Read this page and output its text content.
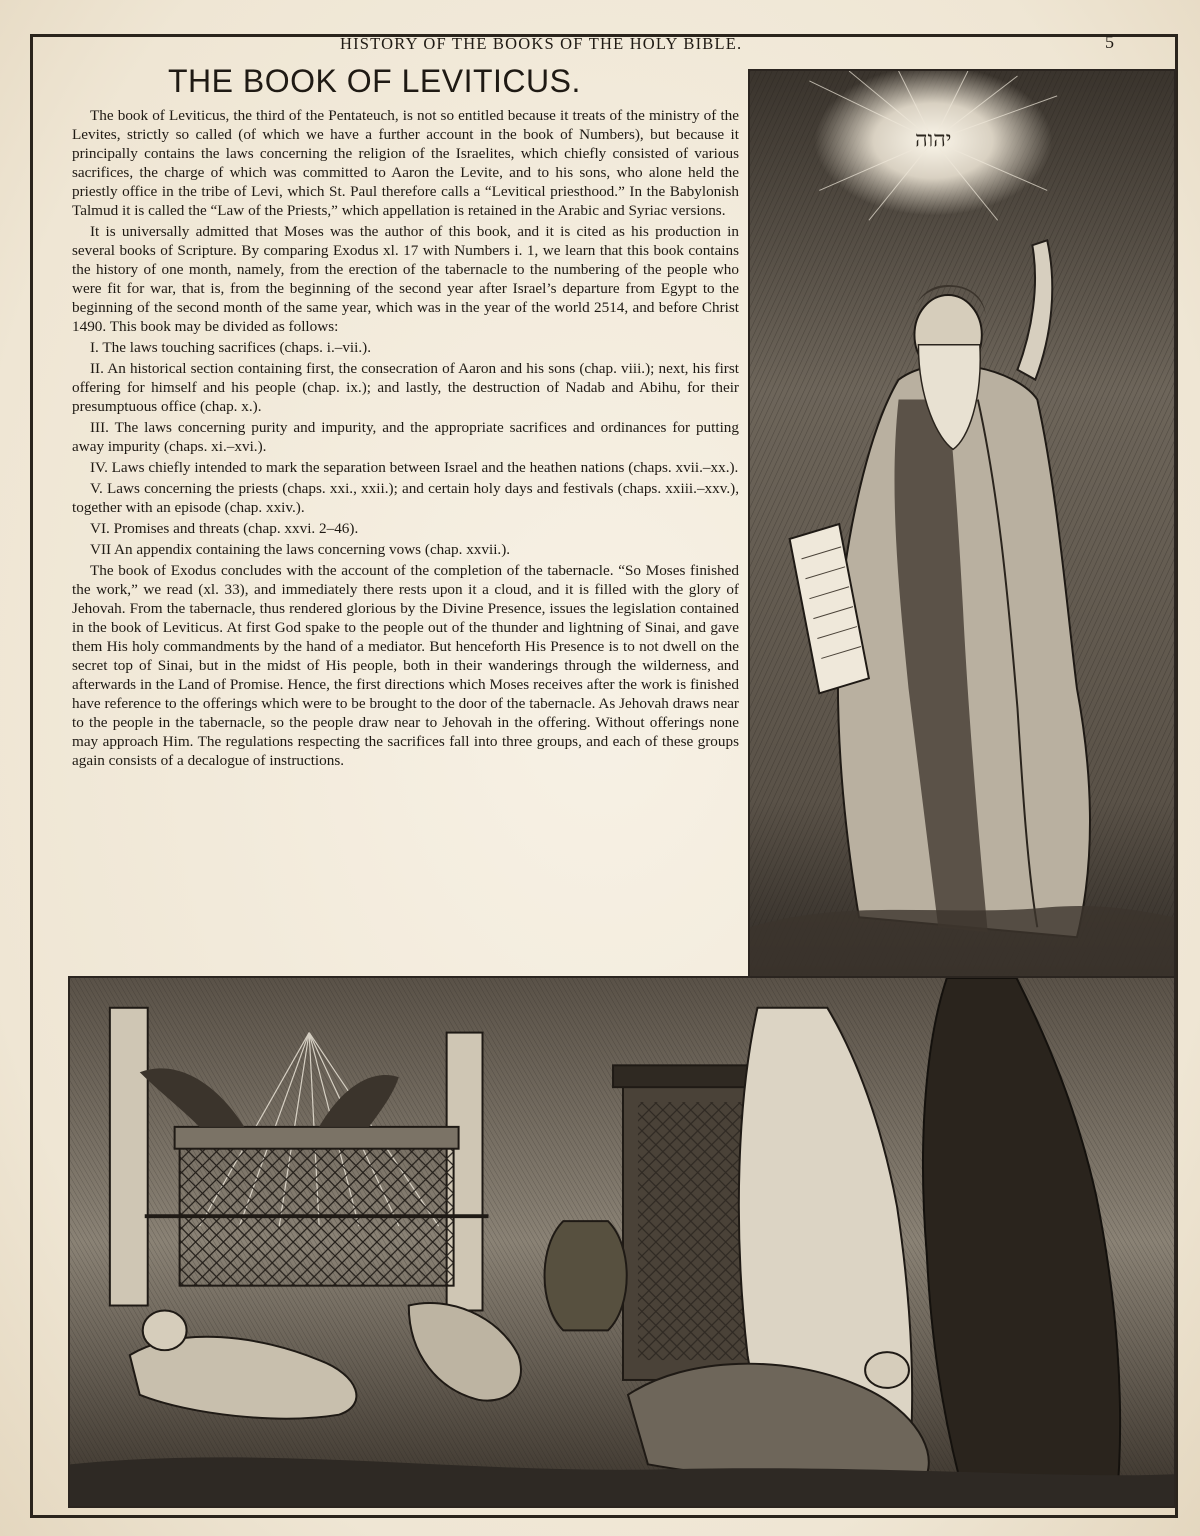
HISTORY OF THE BOOKS OF THE HOLY BIBLE.	5
THE BOOK OF LEVITICUS.

The book of Leviticus, the third of the Pentateuch, is not so entitled because it treats of the ministry of the Levites, strictly so called (of which we have a further account in the book of Numbers), but because it principally contains the laws concerning the religion of the Israelites, which chiefly consisted of various sacrifices, the charge of which was committed to Aaron the Levite, and to his sons, who alone held the priestly office in the tribe of Levi, which St. Paul therefore calls a “Levitical priesthood.” In the Babylonish Talmud it is called the “Law of the Priests,” which appellation is retained in the Arabic and Syriac versions.

It is universally admitted that Moses was the author of this book, and it is cited as his production in several books of Scripture. By comparing Exodus xl. 17 with Numbers i. 1, we learn that this book contains the history of one month, namely, from the erection of the tabernacle to the numbering of the people who were fit for war, that is, from the beginning of the second year after Israel’s departure from Egypt to the beginning of the second month of the same year, which was in the year of the world 2514, and before Christ 1490. This book may be divided as follows:

I. The laws touching sacrifices (chaps. i.–vii.).

II. An historical section containing first, the consecration of Aaron and his sons (chap. viii.); next, his first offering for himself and his people (chap. ix.); and lastly, the destruction of Nadab and Abihu, for their presumptuous office (chap. x.).

III. The laws concerning purity and impurity, and the appropriate sacrifices and ordinances for putting away impurity (chaps. xi.–xvi.).

IV. Laws chiefly intended to mark the separation between Israel and the heathen nations (chaps. xvii.–xx.).

V. Laws concerning the priests (chaps. xxi., xxii.); and certain holy days and festivals (chaps. xxiii.–xxv.), together with an episode (chap. xxiv.).

VI. Promises and threats (chap. xxvi. 2–46).

VII An appendix containing the laws concerning vows (chap. xxvii.).

The book of Exodus concludes with the account of the completion of the tabernacle. “So Moses finished the work,” we read (xl. 33), and immediately there rests upon it a cloud, and it is filled with the glory of Jehovah. From the tabernacle, thus rendered glorious by the Divine Presence, issues the legislation contained in the book of Leviticus. At first God spake to the people out of the thunder and lightning of Sinai, and gave them His holy commandments by the hand of a mediator. But henceforth His Presence is to not dwell on the secret top of Sinai, but in the midst of His people, both in their wanderings through the wilderness, and afterwards in the Land of Promise. Hence, the first directions which Moses receives after the work is finished have reference to the offerings which were to be brought to the door of the tabernacle. As Jehovah draws near to the people in the tabernacle, so the people draw near to Jehovah in the offering. Without offerings none may approach Him. The regulations respecting the sacrifices fall into three groups, and each of these groups again consists of a decalogue of instructions.

יהוה
